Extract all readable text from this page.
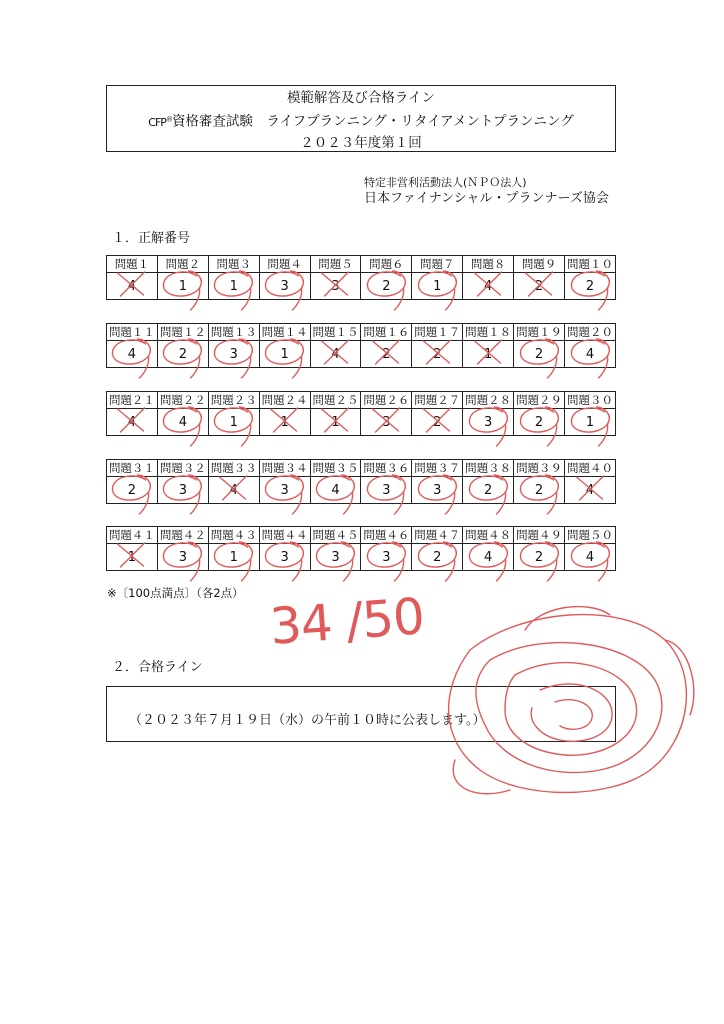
模範解答及び合格ライン
CFP®資格審査試験　ライフプランニング・リタイアメントプランニング
２０２３年度第１回
特定非営利活動法人(ＮＰＯ法人)
日本ファイナンシャル・プランナーズ協会
１．正解番号
問題１	問題２	問題３	問題４	問題５	問題６	問題７	問題８	問題９	問題１０
4	1	1	3	3	2	1	4	2	2
問題１１	問題１２	問題１３	問題１４	問題１５	問題１６	問題１７	問題１８	問題１９	問題２０
4	2	3	1	4	2	2	1	2	4
問題２１	問題２２	問題２３	問題２４	問題２５	問題２６	問題２７	問題２８	問題２９	問題３０
4	4	1	1	1	3	2	3	2	1
問題３１	問題３２	問題３３	問題３４	問題３５	問題３６	問題３７	問題３８	問題３９	問題４０
2	3	4	3	4	3	3	2	2	4
問題４１	問題４２	問題４３	問題４４	問題４５	問題４６	問題４７	問題４８	問題４９	問題５０
1	3	1	3	3	3	2	4	2	4
※〔100点満点〕（各2点） 34 /50
２．合格ライン
（２０２３年７月１９日（水）の午前１０時に公表します。）
